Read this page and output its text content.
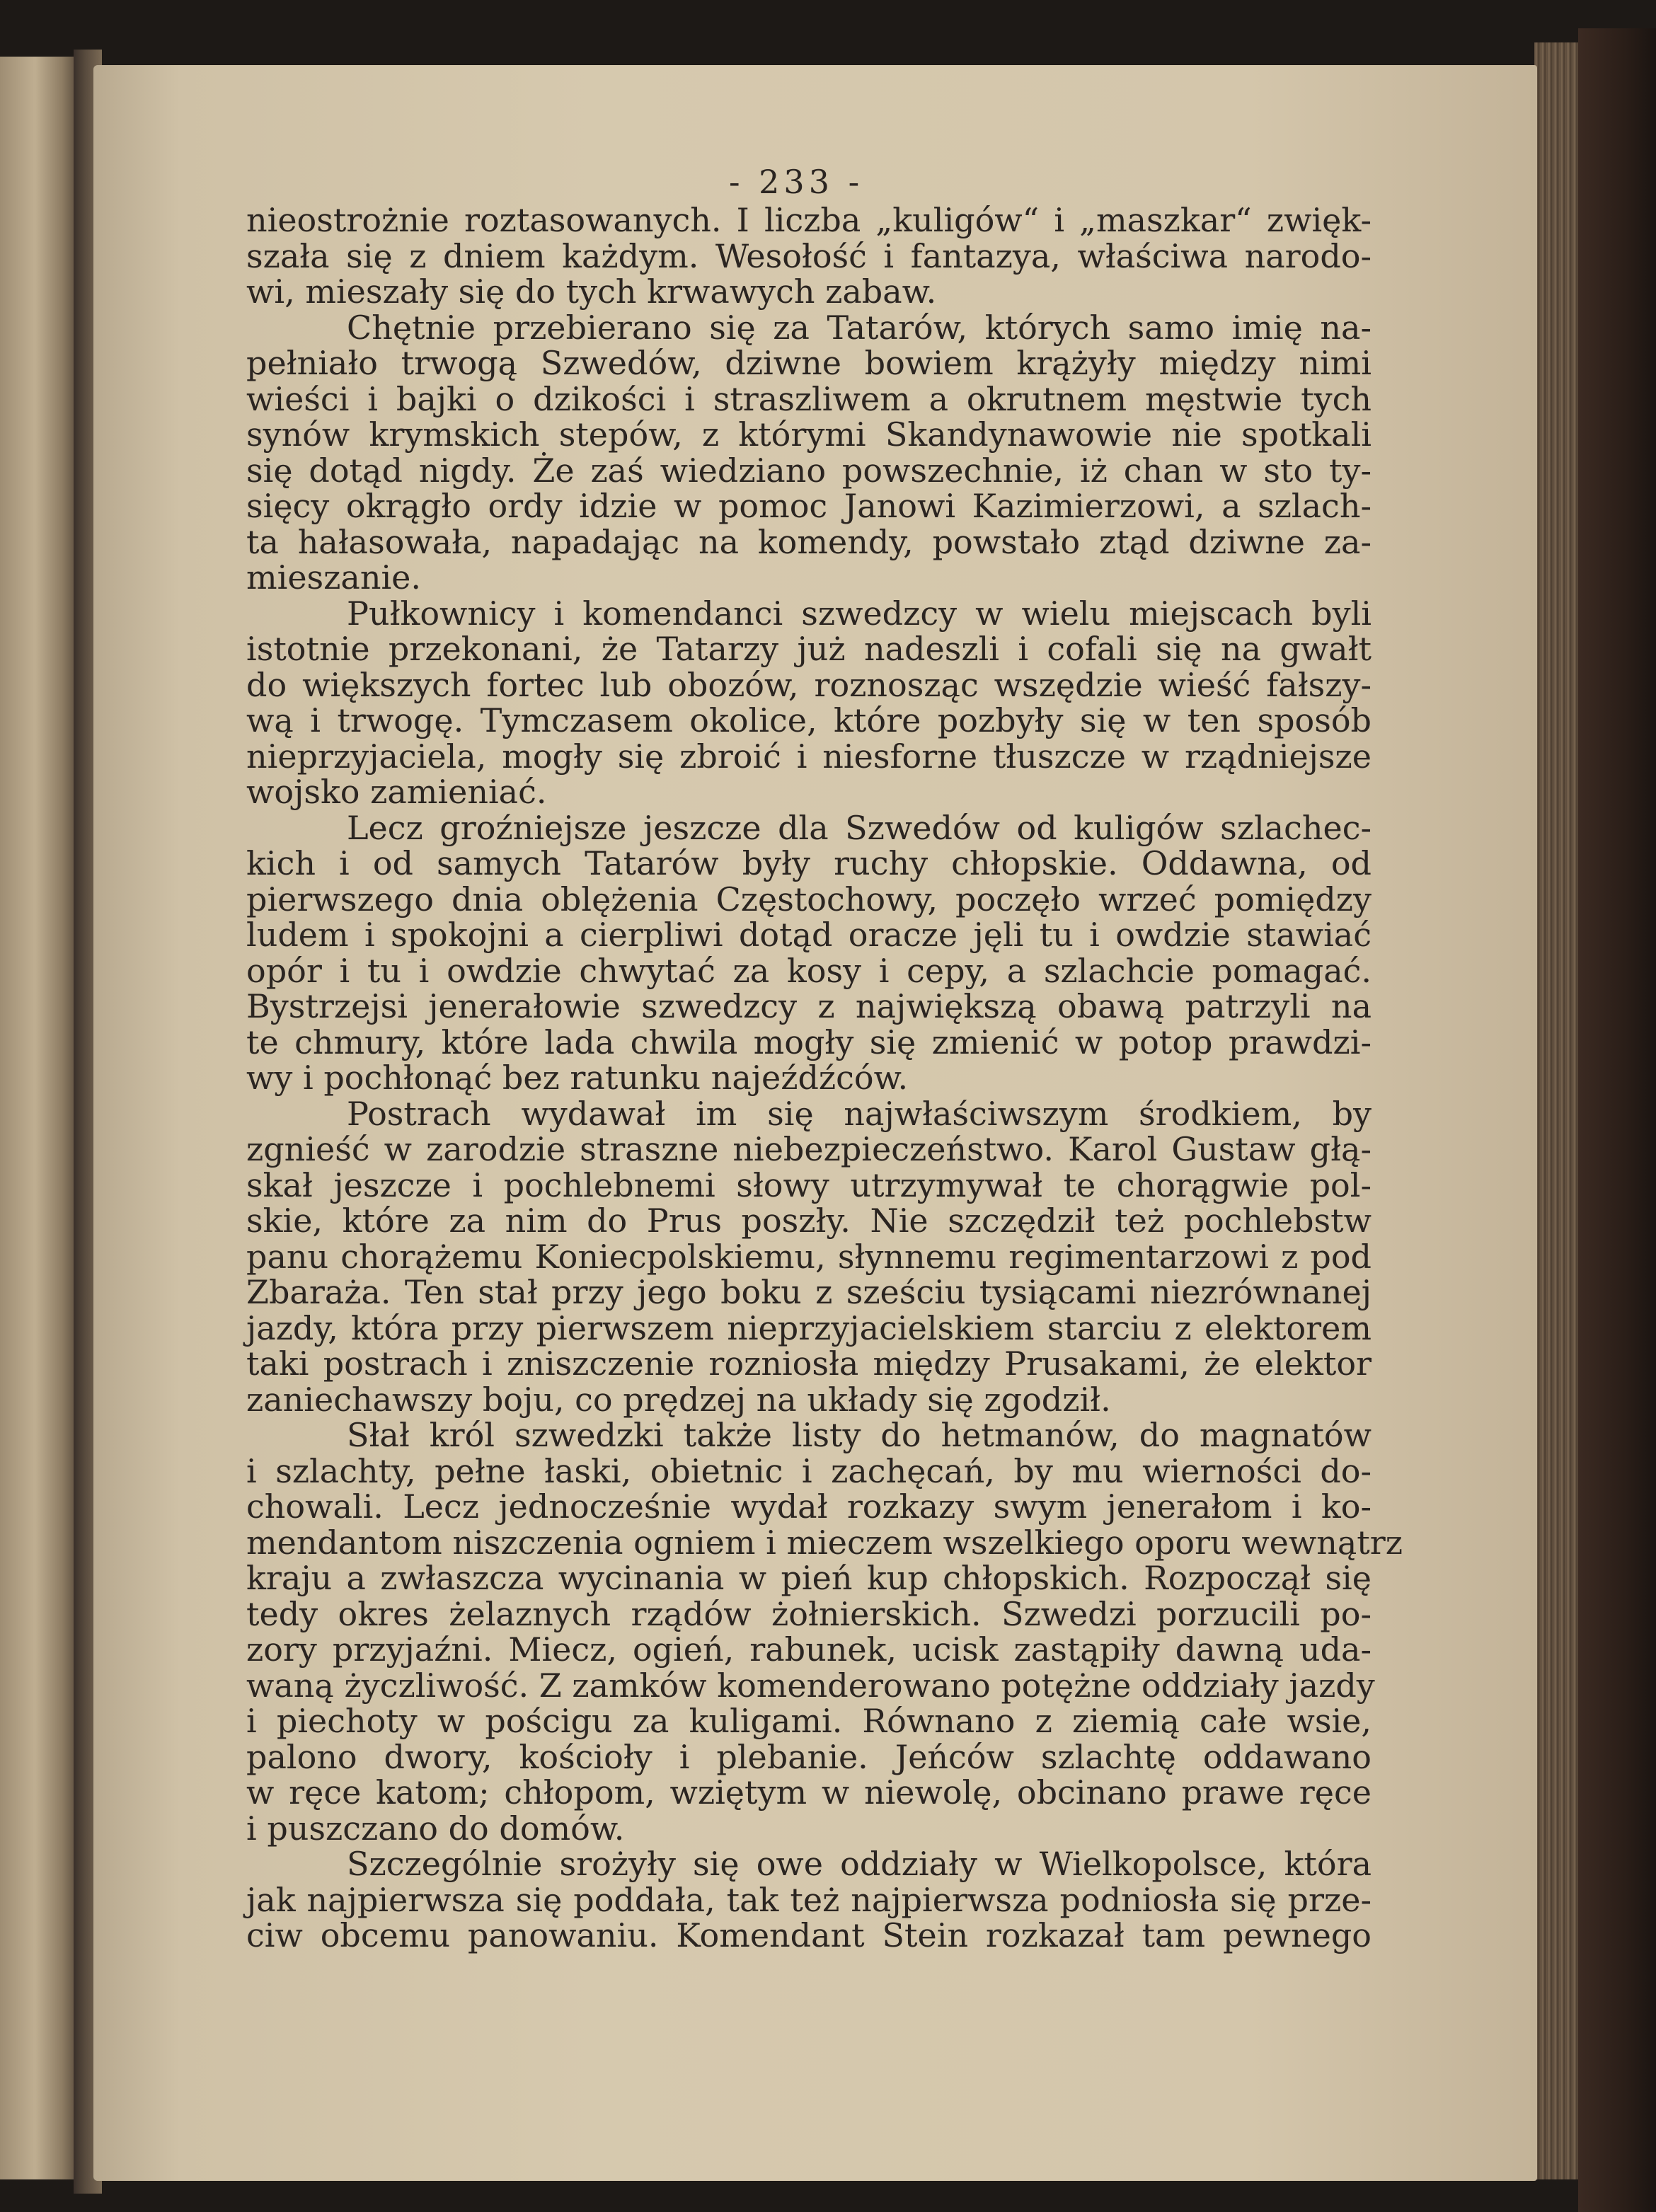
- 233 -
nieostrożnie roztasowanych. I liczba „kuligów“ i „maszkar“ zwięk-
szała się z dniem każdym. Wesołość i fantazya, właściwa narodo-
wi, mieszały się do tych krwawych zabaw.
Chętnie przebierano się za Tatarów, których samo imię na-
pełniało trwogą Szwedów, dziwne bowiem krążyły między nimi
wieści i bajki o dzikości i straszliwem a okrutnem męstwie tych
synów krymskich stepów, z którymi Skandynawowie nie spotkali
się dotąd nigdy. Że zaś wiedziano powszechnie, iż chan w sto ty-
sięcy okrągło ordy idzie w pomoc Janowi Kazimierzowi, a szlach-
ta hałasowała, napadając na komendy, powstało ztąd dziwne za-
mieszanie.
Pułkownicy i komendanci szwedzcy w wielu miejscach byli
istotnie przekonani, że Tatarzy już nadeszli i cofali się na gwałt
do większych fortec lub obozów, roznosząc wszędzie wieść fałszy-
wą i trwogę. Tymczasem okolice, które pozbyły się w ten sposób
nieprzyjaciela, mogły się zbroić i niesforne tłuszcze w rządniejsze
wojsko zamieniać.
Lecz groźniejsze jeszcze dla Szwedów od kuligów szlachec-
kich i od samych Tatarów były ruchy chłopskie. Oddawna, od
pierwszego dnia oblężenia Częstochowy, poczęło wrzeć pomiędzy
ludem i spokojni a cierpliwi dotąd oracze jęli tu i owdzie stawiać
opór i tu i owdzie chwytać za kosy i cepy, a szlachcie pomagać.
Bystrzejsi jenerałowie szwedzcy z największą obawą patrzyli na
te chmury, które lada chwila mogły się zmienić w potop prawdzi-
wy i pochłonąć bez ratunku najeźdźców.
Postrach wydawał im się najwłaściwszym środkiem, by
zgnieść w zarodzie straszne niebezpieczeństwo. Karol Gustaw głą-
skał jeszcze i pochlebnemi słowy utrzymywał te chorągwie pol-
skie, które za nim do Prus poszły. Nie szczędził też pochlebstw
panu chorążemu Koniecpolskiemu, słynnemu regimentarzowi z pod
Zbaraża. Ten stał przy jego boku z sześciu tysiącami niezrównanej
jazdy, która przy pierwszem nieprzyjacielskiem starciu z elektorem
taki postrach i zniszczenie rozniosła między Prusakami, że elektor
zaniechawszy boju, co prędzej na układy się zgodził.
Słał król szwedzki także listy do hetmanów, do magnatów
i szlachty, pełne łaski, obietnic i zachęcań, by mu wierności do-
chowali. Lecz jednocześnie wydał rozkazy swym jenerałom i ko-
mendantom niszczenia ogniem i mieczem wszelkiego oporu wewnątrz
kraju a zwłaszcza wycinania w pień kup chłopskich. Rozpoczął się
tedy okres żelaznych rządów żołnierskich. Szwedzi porzucili po-
zory przyjaźni. Miecz, ogień, rabunek, ucisk zastąpiły dawną uda-
waną życzliwość. Z zamków komenderowano potężne oddziały jazdy
i piechoty w pościgu za kuligami. Równano z ziemią całe wsie,
palono dwory, kościoły i plebanie. Jeńców szlachtę oddawano
w ręce katom; chłopom, wziętym w niewolę, obcinano prawe ręce
i puszczano do domów.
Szczególnie srożyły się owe oddziały w Wielkopolsce, która
jak najpierwsza się poddała, tak też najpierwsza podniosła się prze-
ciw obcemu panowaniu. Komendant Stein rozkazał tam pewnego
